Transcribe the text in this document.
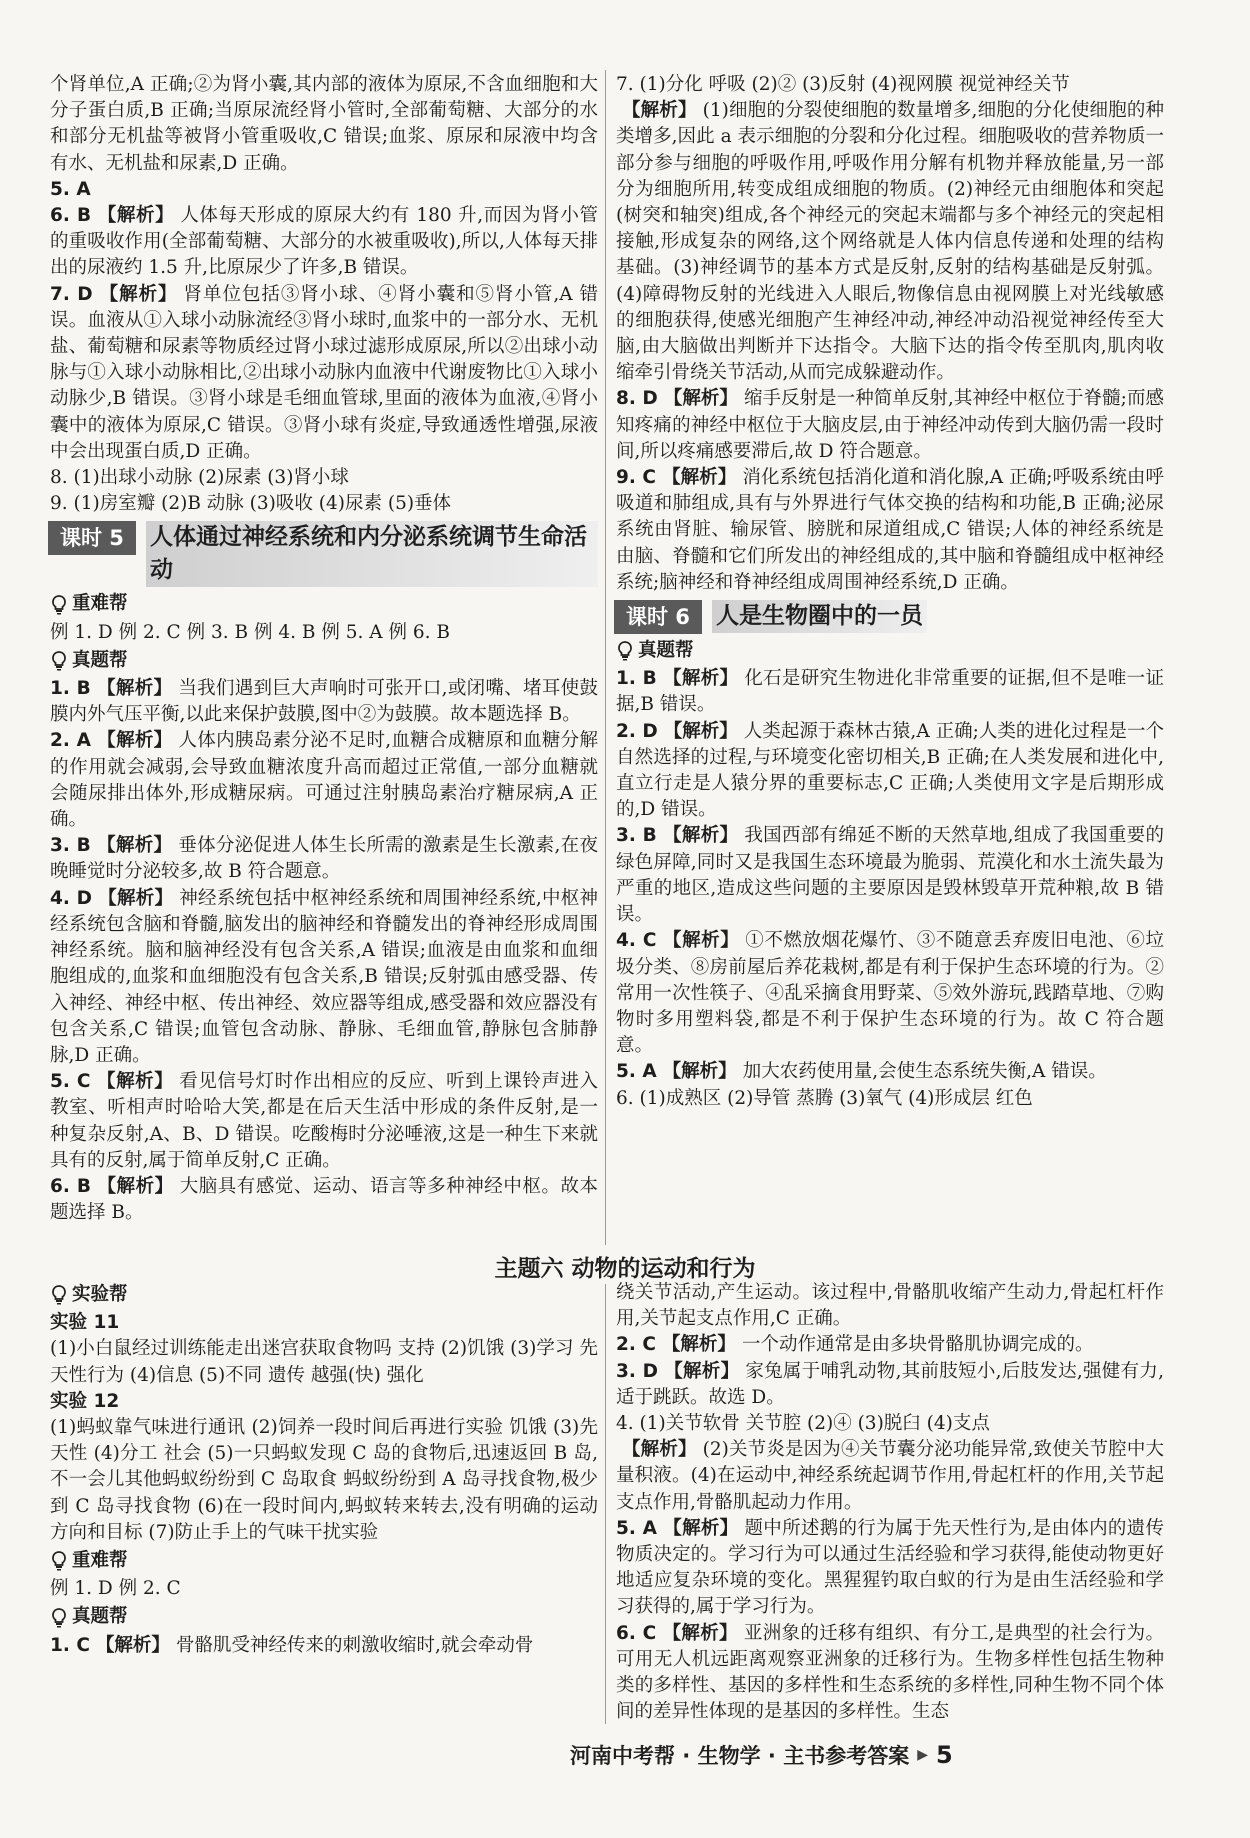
个肾单位,A 正确;②为肾小囊,其内部的液体为原尿,不含血细胞和大分子蛋白质,B 正确;当原尿流经肾小管时,全部葡萄糖、大部分的水和部分无机盐等被肾小管重吸收,C 错误;血浆、原尿和尿液中均含有水、无机盐和尿素,D 正确。

5. A

6. B 【解析】 人体每天形成的原尿大约有 180 升,而因为肾小管的重吸收作用(全部葡萄糖、大部分的水被重吸收),所以,人体每天排出的尿液约 1.5 升,比原尿少了许多,B 错误。

7. D 【解析】 肾单位包括③肾小球、④肾小囊和⑤肾小管,A 错误。血液从①入球小动脉流经③肾小球时,血浆中的一部分水、无机盐、葡萄糖和尿素等物质经过肾小球过滤形成原尿,所以②出球小动脉与①入球小动脉相比,②出球小动脉内血液中代谢废物比①入球小动脉少,B 错误。③肾小球是毛细血管球,里面的液体为血液,④肾小囊中的液体为原尿,C 错误。③肾小球有炎症,导致通透性增强,尿液中会出现蛋白质,D 正确。

8. (1)出球小动脉 (2)尿素 (3)肾小球

9. (1)房室瓣 (2)B 动脉 (3)吸收 (4)尿素 (5)垂体

课时 5	人体通过神经系统和内分泌系统调节生命活动
重难帮

例 1. D 例 2. C 例 3. B 例 4. B 例 5. A 例 6. B

真题帮

1. B 【解析】 当我们遇到巨大声响时可张开口,或闭嘴、堵耳使鼓膜内外气压平衡,以此来保护鼓膜,图中②为鼓膜。故本题选择 B。

2. A 【解析】 人体内胰岛素分泌不足时,血糖合成糖原和血糖分解的作用就会减弱,会导致血糖浓度升高而超过正常值,一部分血糖就会随尿排出体外,形成糖尿病。可通过注射胰岛素治疗糖尿病,A 正确。

3. B 【解析】 垂体分泌促进人体生长所需的激素是生长激素,在夜晚睡觉时分泌较多,故 B 符合题意。

4. D 【解析】 神经系统包括中枢神经系统和周围神经系统,中枢神经系统包含脑和脊髓,脑发出的脑神经和脊髓发出的脊神经形成周围神经系统。脑和脑神经没有包含关系,A 错误;血液是由血浆和血细胞组成的,血浆和血细胞没有包含关系,B 错误;反射弧由感受器、传入神经、神经中枢、传出神经、效应器等组成,感受器和效应器没有包含关系,C 错误;血管包含动脉、静脉、毛细血管,静脉包含肺静脉,D 正确。

5. C 【解析】 看见信号灯时作出相应的反应、听到上课铃声进入教室、听相声时哈哈大笑,都是在后天生活中形成的条件反射,是一种复杂反射,A、B、D 错误。吃酸梅时分泌唾液,这是一种生下来就具有的反射,属于简单反射,C 正确。

6. B 【解析】 大脑具有感觉、运动、语言等多种神经中枢。故本题选择 B。

7. (1)分化 呼吸 (2)② (3)反射 (4)视网膜 视觉神经关节

【解析】 (1)细胞的分裂使细胞的数量增多,细胞的分化使细胞的种类增多,因此 a 表示细胞的分裂和分化过程。细胞吸收的营养物质一部分参与细胞的呼吸作用,呼吸作用分解有机物并释放能量,另一部分为细胞所用,转变成组成细胞的物质。(2)神经元由细胞体和突起(树突和轴突)组成,各个神经元的突起末端都与多个神经元的突起相接触,形成复杂的网络,这个网络就是人体内信息传递和处理的结构基础。(3)神经调节的基本方式是反射,反射的结构基础是反射弧。(4)障碍物反射的光线进入人眼后,物像信息由视网膜上对光线敏感的细胞获得,使感光细胞产生神经冲动,神经冲动沿视觉神经传至大脑,由大脑做出判断并下达指令。大脑下达的指令传至肌肉,肌肉收缩牵引骨绕关节活动,从而完成躲避动作。

8. D 【解析】 缩手反射是一种简单反射,其神经中枢位于脊髓;而感知疼痛的神经中枢位于大脑皮层,由于神经冲动传到大脑仍需一段时间,所以疼痛感要滞后,故 D 符合题意。

9. C 【解析】 消化系统包括消化道和消化腺,A 正确;呼吸系统由呼吸道和肺组成,具有与外界进行气体交换的结构和功能,B 正确;泌尿系统由肾脏、输尿管、膀胱和尿道组成,C 错误;人体的神经系统是由脑、脊髓和它们所发出的神经组成的,其中脑和脊髓组成中枢神经系统;脑神经和脊神经组成周围神经系统,D 正确。

课时 6	人是生物圈中的一员
真题帮

1. B 【解析】 化石是研究生物进化非常重要的证据,但不是唯一证据,B 错误。

2. D 【解析】 人类起源于森林古猿,A 正确;人类的进化过程是一个自然选择的过程,与环境变化密切相关,B 正确;在人类发展和进化中,直立行走是人猿分界的重要标志,C 正确;人类使用文字是后期形成的,D 错误。

3. B 【解析】 我国西部有绵延不断的天然草地,组成了我国重要的绿色屏障,同时又是我国生态环境最为脆弱、荒漠化和水土流失最为严重的地区,造成这些问题的主要原因是毁林毁草开荒种粮,故 B 错误。

4. C 【解析】 ①不燃放烟花爆竹、③不随意丢弃废旧电池、⑥垃圾分类、⑧房前屋后养花栽树,都是有利于保护生态环境的行为。②常用一次性筷子、④乱采摘食用野菜、⑤效外游玩,践踏草地、⑦购物时多用塑料袋,都是不利于保护生态环境的行为。故 C 符合题意。

5. A 【解析】 加大农药使用量,会使生态系统失衡,A 错误。

6. (1)成熟区 (2)导管 蒸腾 (3)氧气 (4)形成层 红色

主题六 动物的运动和行为
实验帮

实验 11

(1)小白鼠经过训练能走出迷宫获取食物吗 支持 (2)饥饿 (3)学习 先天性行为 (4)信息 (5)不同 遗传 越强(快) 强化

实验 12

(1)蚂蚁靠气味进行通讯 (2)饲养一段时间后再进行实验 饥饿 (3)先天性 (4)分工 社会 (5)一只蚂蚁发现 C 岛的食物后,迅速返回 B 岛,不一会儿其他蚂蚁纷纷到 C 岛取食 蚂蚁纷纷到 A 岛寻找食物,极少到 C 岛寻找食物 (6)在一段时间内,蚂蚁转来转去,没有明确的运动方向和目标 (7)防止手上的气味干扰实验

重难帮

例 1. D 例 2. C

真题帮

1. C 【解析】 骨骼肌受神经传来的刺激收缩时,就会牵动骨

绕关节活动,产生运动。该过程中,骨骼肌收缩产生动力,骨起杠杆作用,关节起支点作用,C 正确。

2. C 【解析】 一个动作通常是由多块骨骼肌协调完成的。

3. D 【解析】 家兔属于哺乳动物,其前肢短小,后肢发达,强健有力,适于跳跃。故选 D。

4. (1)关节软骨 关节腔 (2)④ (3)脱臼 (4)支点

【解析】 (2)关节炎是因为④关节囊分泌功能异常,致使关节腔中大量积液。(4)在运动中,神经系统起调节作用,骨起杠杆的作用,关节起支点作用,骨骼肌起动力作用。

5. A 【解析】 题中所述鹅的行为属于先天性行为,是由体内的遗传物质决定的。学习行为可以通过生活经验和学习获得,能使动物更好地适应复杂环境的变化。黑猩猩钓取白蚁的行为是由生活经验和学习获得的,属于学习行为。

6. C 【解析】 亚洲象的迁移有组织、有分工,是典型的社会行为。可用无人机远距离观察亚洲象的迁移行为。生物多样性包括生物种类的多样性、基因的多样性和生态系统的多样性,同种生物不同个体间的差异性体现的是基因的多样性。生态

河南中考帮 · 生物学 · 主书参考答案 ▶ 5
